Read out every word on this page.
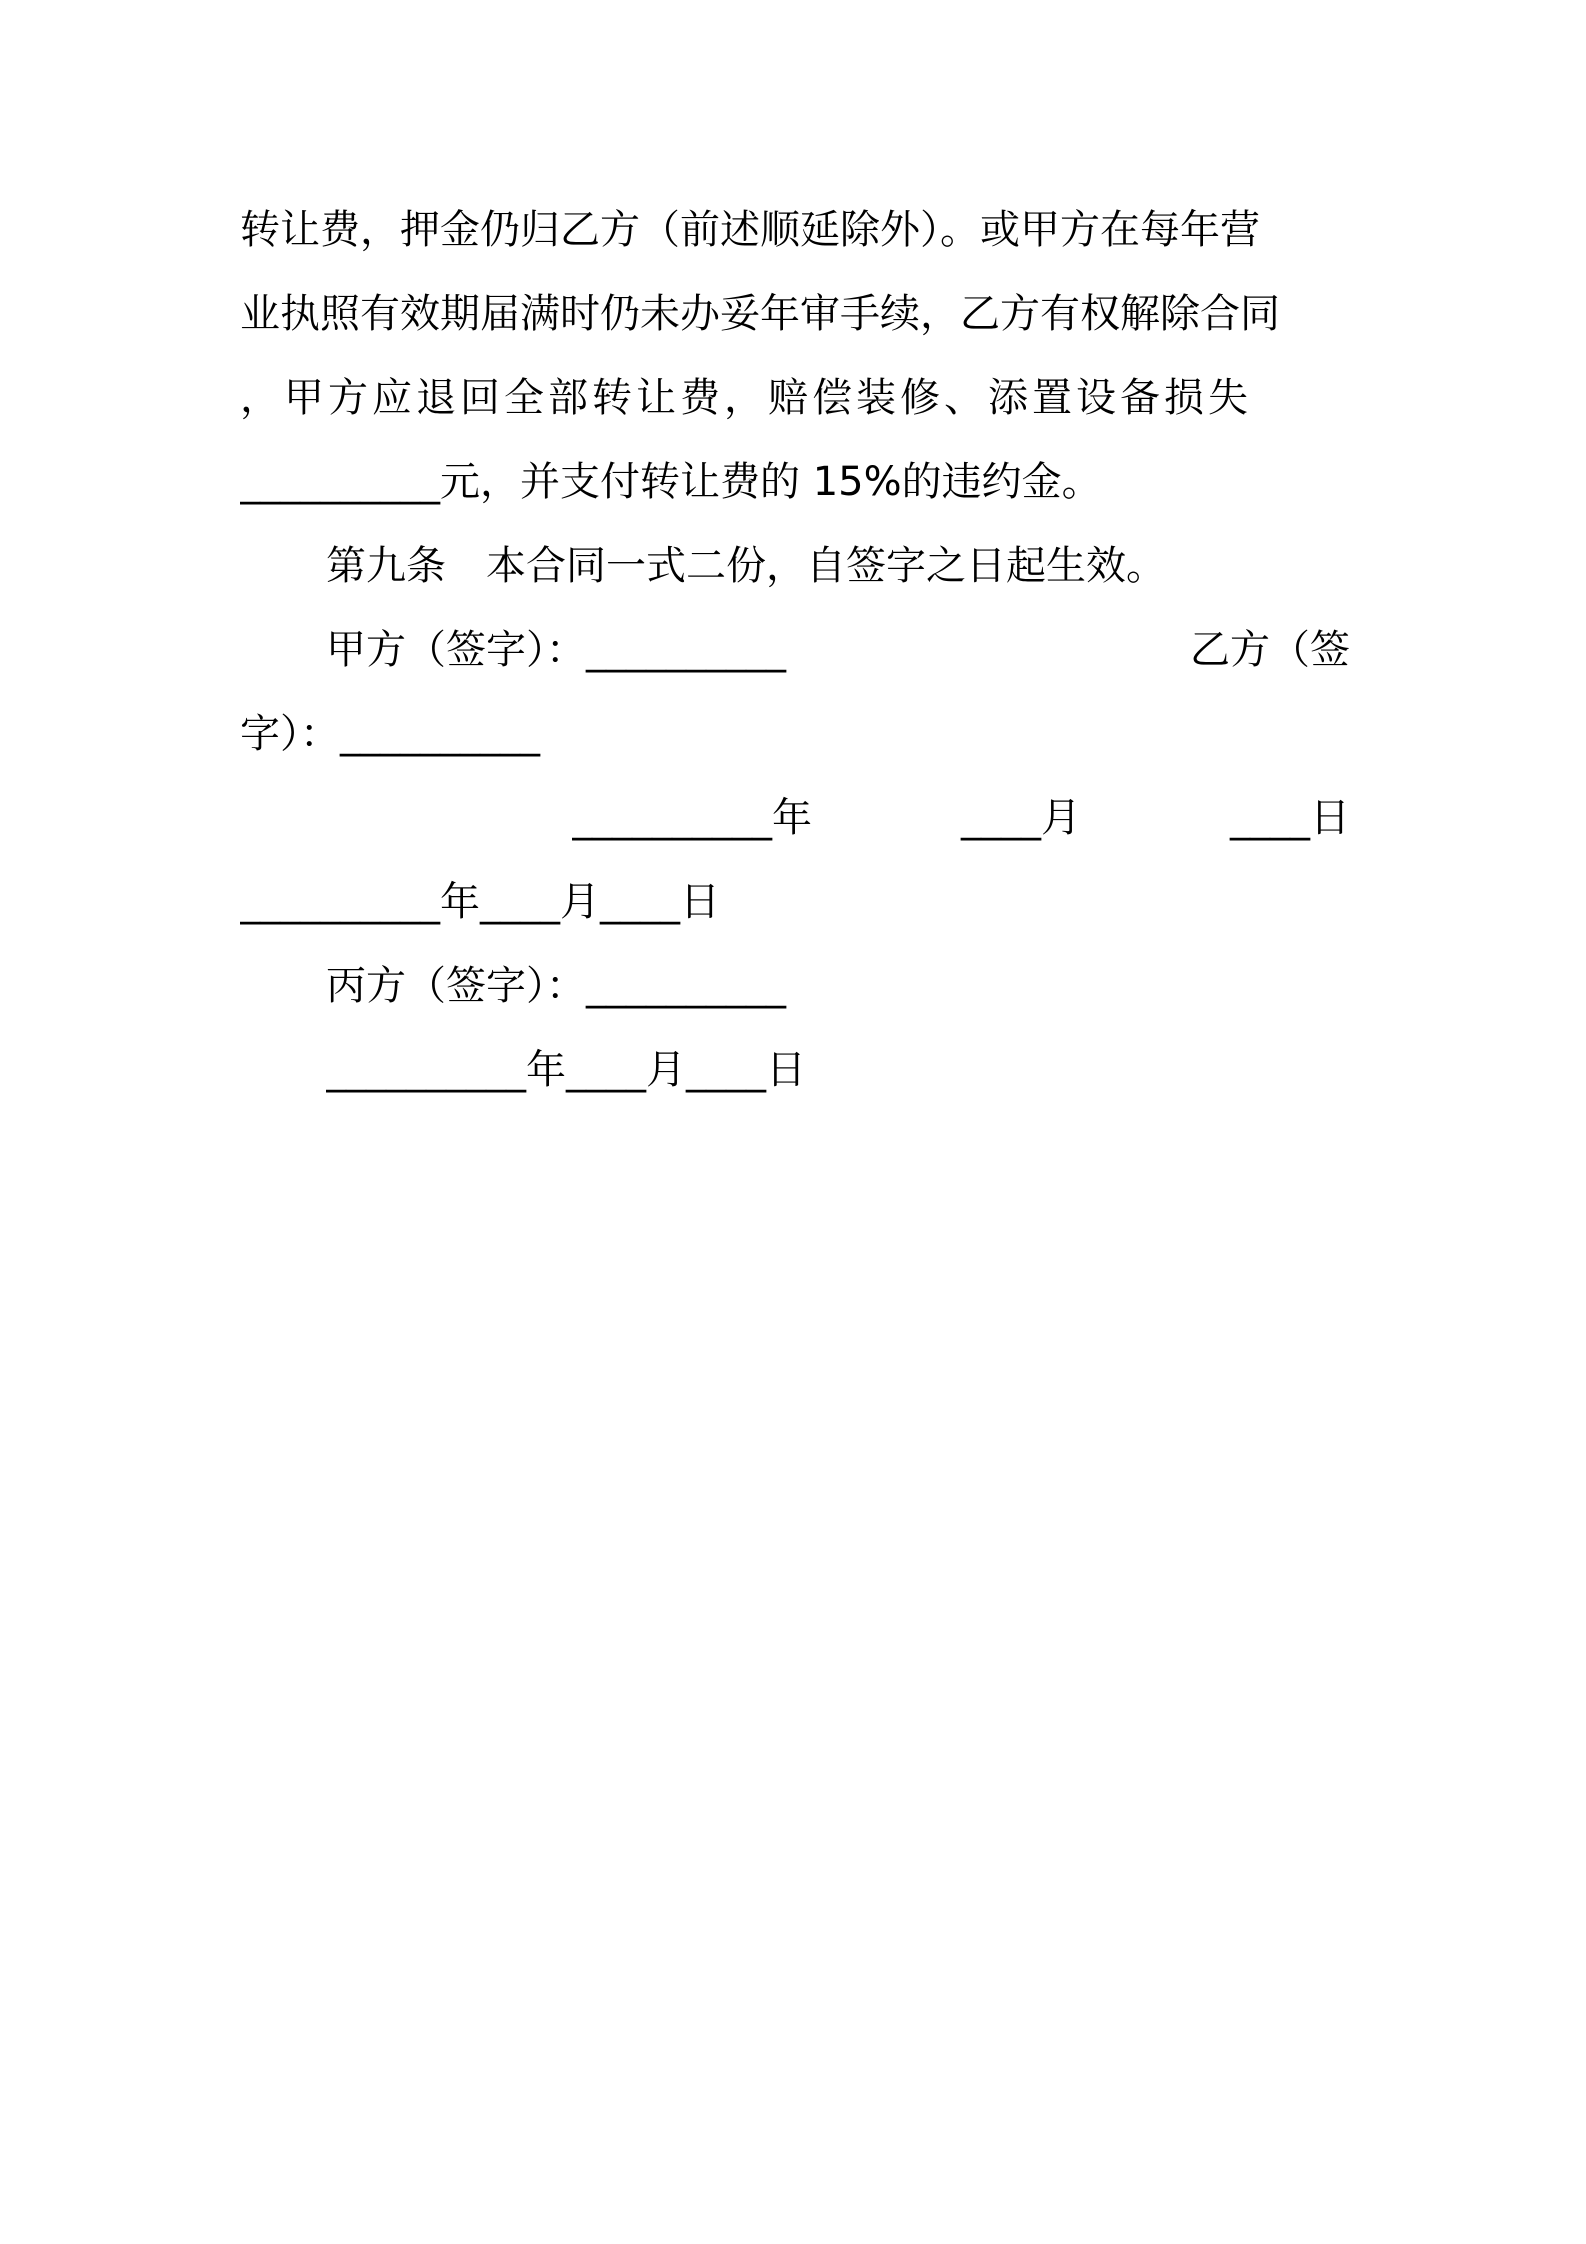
转让费，押金仍归乙方（前述顺延除外）。或甲方在每年营
业执照有效期届满时仍未办妥年审手续，乙方有权解除合同
，甲方应退回全部转让费，赔偿装修、添置设备损失
__________元，并支付转让费的 15%的违约金。
第九条　本合同一式二份，自签字之日起生效。
甲方（签字）：__________	乙方（签
字）：__________
__________年	____月	____日
__________年____月____日
丙方（签字）：__________
__________年____月____日
